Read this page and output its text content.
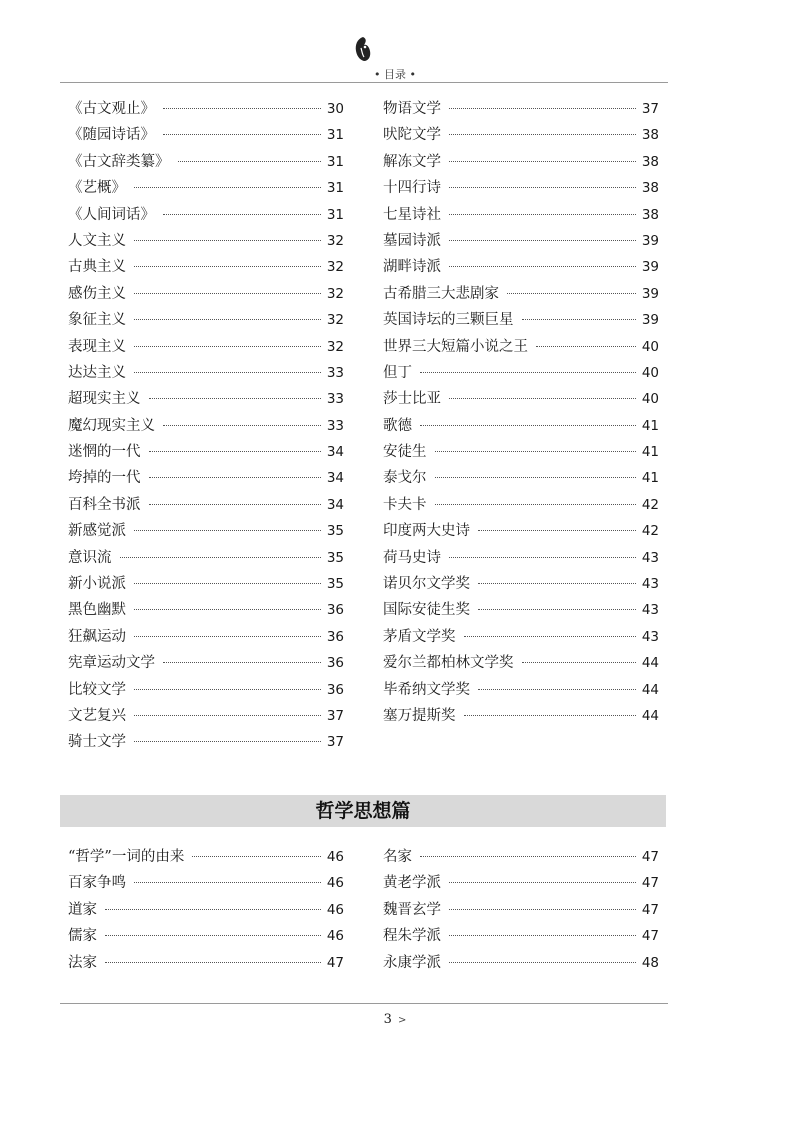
• 目录 •
《古文观止》	30
《随园诗话》	31
《古文辞类纂》	31
《艺概》	31
《人间词话》	31
人文主义	32
古典主义	32
感伤主义	32
象征主义	32
表现主义	32
达达主义	33
超现实主义	33
魔幻现实主义	33
迷惘的一代	34
垮掉的一代	34
百科全书派	34
新感觉派	35
意识流	35
新小说派	35
黑色幽默	36
狂飙运动	36
宪章运动文学	36
比较文学	36
文艺复兴	37
骑士文学	37
物语文学	37
吠陀文学	38
解冻文学	38
十四行诗	38
七星诗社	38
墓园诗派	39
湖畔诗派	39
古希腊三大悲剧家	39
英国诗坛的三颗巨星	39
世界三大短篇小说之王	40
但丁	40
莎士比亚	40
歌德	41
安徒生	41
泰戈尔	41
卡夫卡	42
印度两大史诗	42
荷马史诗	43
诺贝尔文学奖	43
国际安徒生奖	43
茅盾文学奖	43
爱尔兰都柏林文学奖	44
毕希纳文学奖	44
塞万提斯奖	44
哲学思想篇
“哲学”一词的由来	46
百家争鸣	46
道家	46
儒家	46
法家	47
名家	47
黄老学派	47
魏晋玄学	47
程朱学派	47
永康学派	48
3 >
